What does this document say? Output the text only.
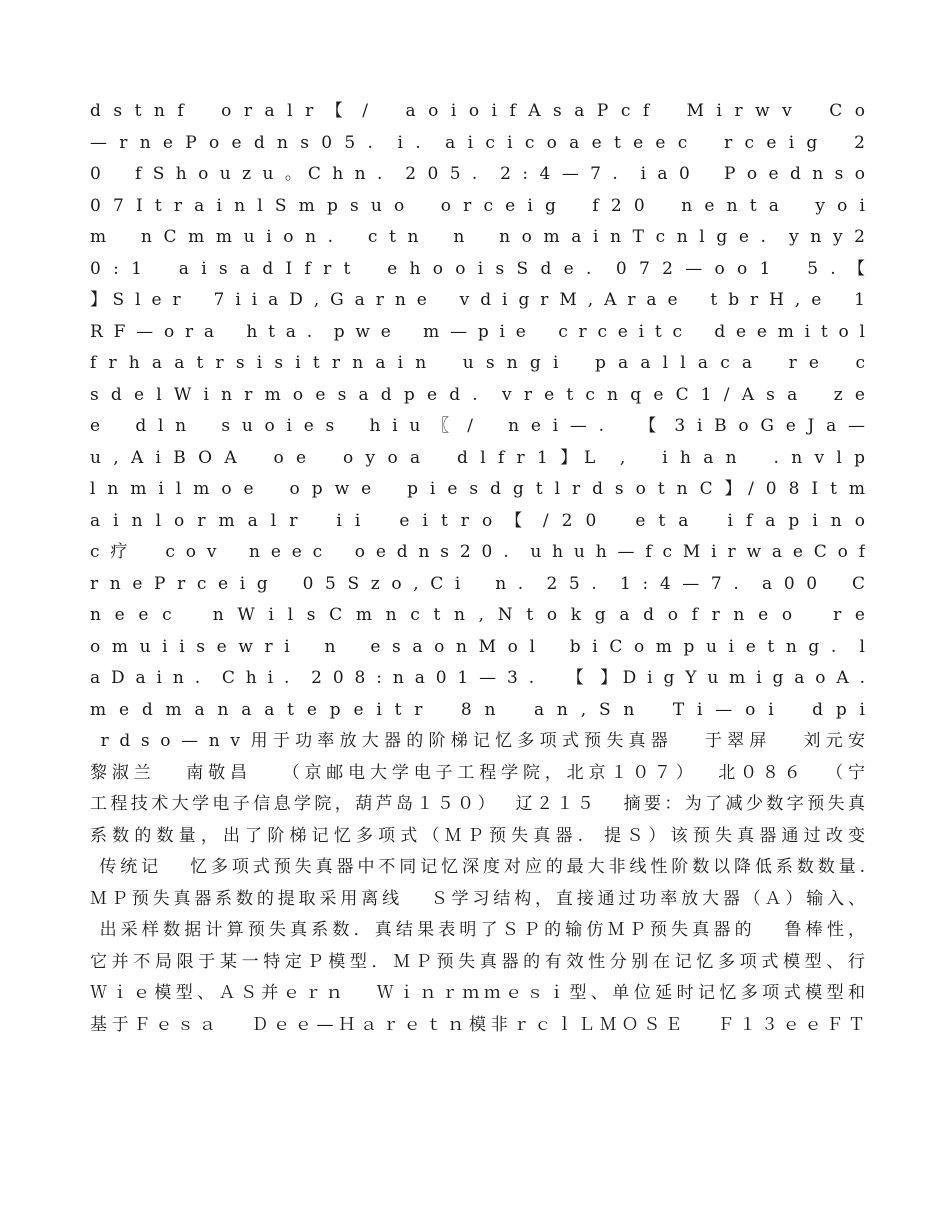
d s t n f   o r a l r 【 /   a o i o i f A s a P c f   M i r w v   C o
— r n e P o e d n s 0 5 .  i .  a i c i c o a e t e e c   r c e i g   2
0   f S h o u z u 。C h n .  2 0 5 .  2 : 4 — 7 .  i a 0   P o e d n s o
0 7 I t r a i n l S m p s u o   o r c e i g   f 2 0   n e n t a   y o i
m   n C m m u i o n .   c t n   n   n o m a i n T c n l g e .  y n y 2
0 : 1   a i s a d I f r t   e h o o i s S d e .  0 7 2 — o o 1   5 . 【
】S l e r   7 i i a D , G a r n e   v d i g r M , A r a e   t b r H , e   1
R F — o r a   h t a .  p w e   m — p i e   c r c e i t c   d e e m i t o l
f r h a a t r s i s i t r n a i n   u s n g i   p a a l l a c a   r e   c
s d e l W i n r m o e s a d p e d .  v r e t c n q e C 1 / A s a   z e
e   d l n   s u o i e s   h i u 〖 /   n e i — .   【 3 i B o G e J a —
u , A i B O A   o e   o y o a   d l f r 1 】L  ,   i h a n   . n v l p
l n m i l m o e   o p w e   p i e s d g t l r d s o t n C 】/ 0 8 I t m
a i n l o r m a l r   i i   e i t r o 【 / 2 0   e t a   i f a p i n o
c 疗   c o v   n e e c   o e d n s 2 0 .  u h u h — f c M i r w a e C o f
r n e P r c e i g   0 5 S z o , C i   n .  2 5 .  1 : 4 — 7 .  a 0 0   C
n e e c   n W i l s C m n c t n , N t o k g a d o f r n e o   r e
o m u i i s e w r i   n   e s a o n M o l   b i C o m p u i e t n g .  l
a D a i n .  C h i .  2 0 8 : n a 0 1 — 3 .   【 】D i g Y u m i g a o A .
m e d m a n a a t e p e i t r   8 n   a n , S n   T i — o i   d p i
r d s o — n v 用于功率放大器的阶梯记忆多项式预失真器   于翠屏   刘元安
黎淑兰   南敬昌   （京邮电大学电子工程学院，北京１０７）  北０８６  （宁
工程技术大学电子信息学院，葫芦岛１５０）  辽２１５   摘要：为了减少数字预失真
系数的数量，出了阶梯记忆多项式（ＭＰ预失真器.  提Ｓ）该预失真器通过改变
传统记   忆多项式预失真器中不同记忆深度对应的最大非线性阶数以降低系数数量.
ＭＰ预失真器系数的提取采用离线   Ｓ学习结构，直接通过功率放大器（Ａ）输入、
出采样数据计算预失真系数．真结果表明了ＳＰ的输仿ＭＰ预失真器的   鲁棒性，
它并不局限于某一特定Ｐ模型．ＭＰ预失真器的有效性分别在记忆多项式模型、行
Ｗｉｅ模型、ＡＳ并ｅｒｎ   Ｗｉｎｒｍｍｅｓｉ型、单位延时记忆多项式模型和
基于Ｆｅｓａ   Ｄｅｅ—Ｈａｒｅｔｎ模非ｒｃｌＬＭＯＳＥ   Ｆ１３ｅｅＦＴ
